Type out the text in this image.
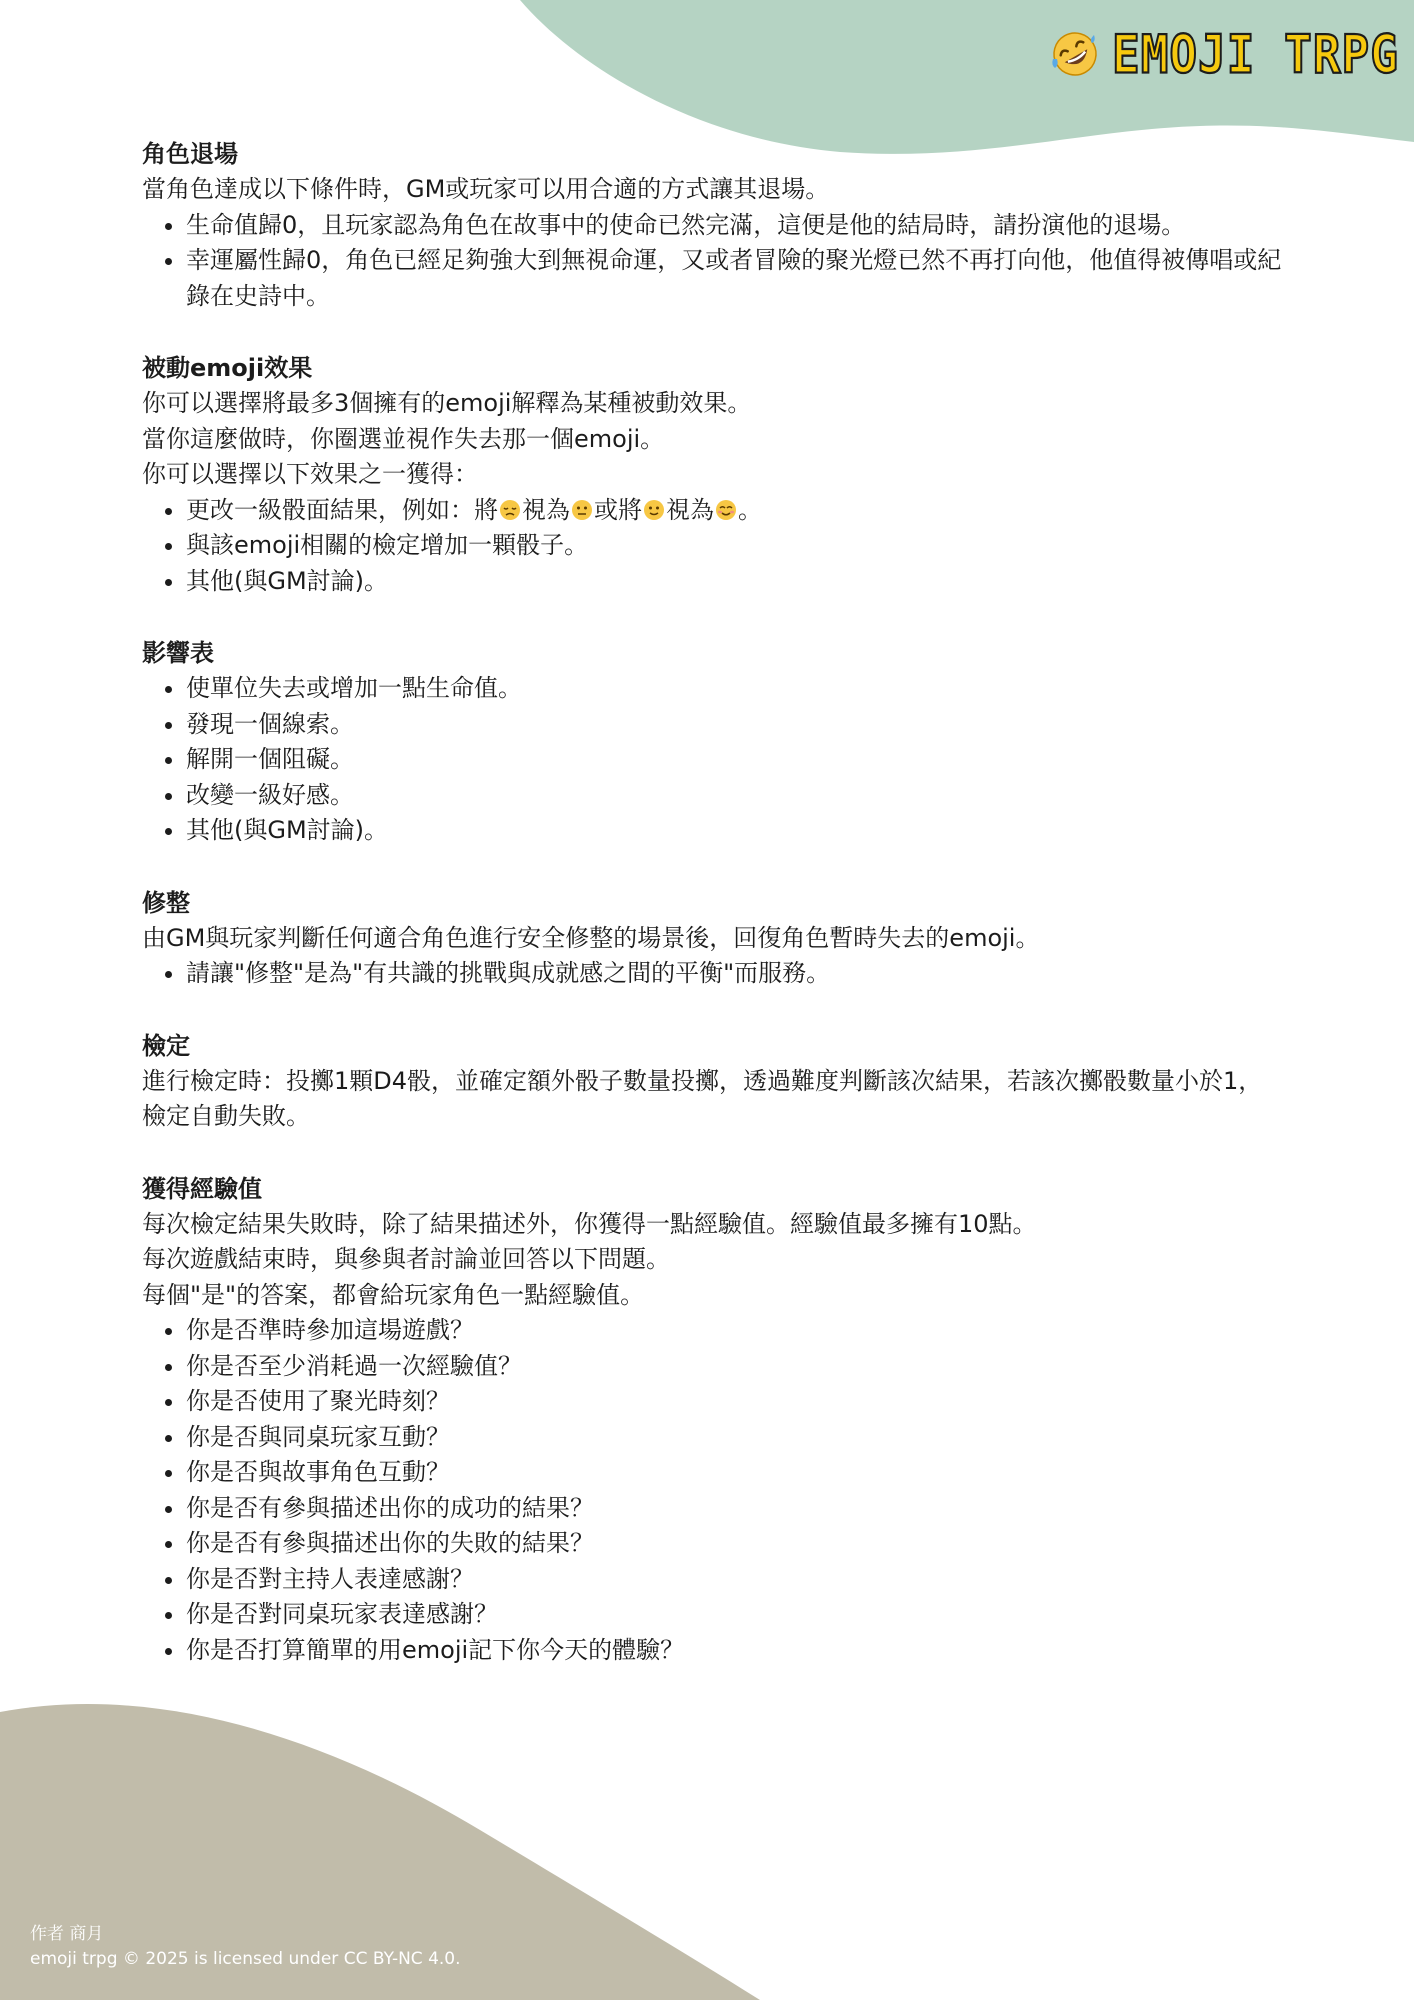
EMOJI TRPG
角色退場

當角色達成以下條件時，GM或玩家可以用合適的方式讓其退場。

• 生命值歸0，且玩家認為角色在故事中的使命已然完滿，這便是他的結局時，請扮演他的退場。
• 幸運屬性歸0，角色已經足夠強大到無視命運，又或者冒險的聚光燈已然不再打向他，他值得被傳唱或紀錄在史詩中。
被動emoji效果

你可以選擇將最多3個擁有的emoji解釋為某種被動效果。

當你這麼做時，你圈選並視作失去那一個emoji。

你可以選擇以下效果之一獲得：

• 更改一級骰面結果，例如：將 視為 或將 視為 。
• 與該emoji相關的檢定增加一顆骰子。
• 其他(與GM討論)。
影響表
• 使單位失去或增加一點生命值。
• 發現一個線索。
• 解開一個阻礙。
• 改變一級好感。
• 其他(與GM討論)。
修整

由GM與玩家判斷任何適合角色進行安全修整的場景後，回復角色暫時失去的emoji。

• 請讓"修整"是為"有共識的挑戰與成就感之間的平衡"而服務。
檢定

進行檢定時：投擲1顆D4骰，並確定額外骰子數量投擲，透過難度判斷該次結果，若該次擲骰數量小於1，檢定自動失敗。

獲得經驗值

每次檢定結果失敗時，除了結果描述外，你獲得一點經驗值。經驗值最多擁有10點。

每次遊戲結束時，與參與者討論並回答以下問題。

每個"是"的答案，都會給玩家角色一點經驗值。

• 你是否準時參加這場遊戲？
• 你是否至少消耗過一次經驗值？
• 你是否使用了聚光時刻？
• 你是否與同桌玩家互動？
• 你是否與故事角色互動？
• 你是否有參與描述出你的成功的結果？
• 你是否有參與描述出你的失敗的結果？
• 你是否對主持人表達感謝？
• 你是否對同桌玩家表達感謝？
• 你是否打算簡單的用emoji記下你今天的體驗？
作者 商月
emoji trpg © 2025 is licensed under CC BY-NC 4.0.
